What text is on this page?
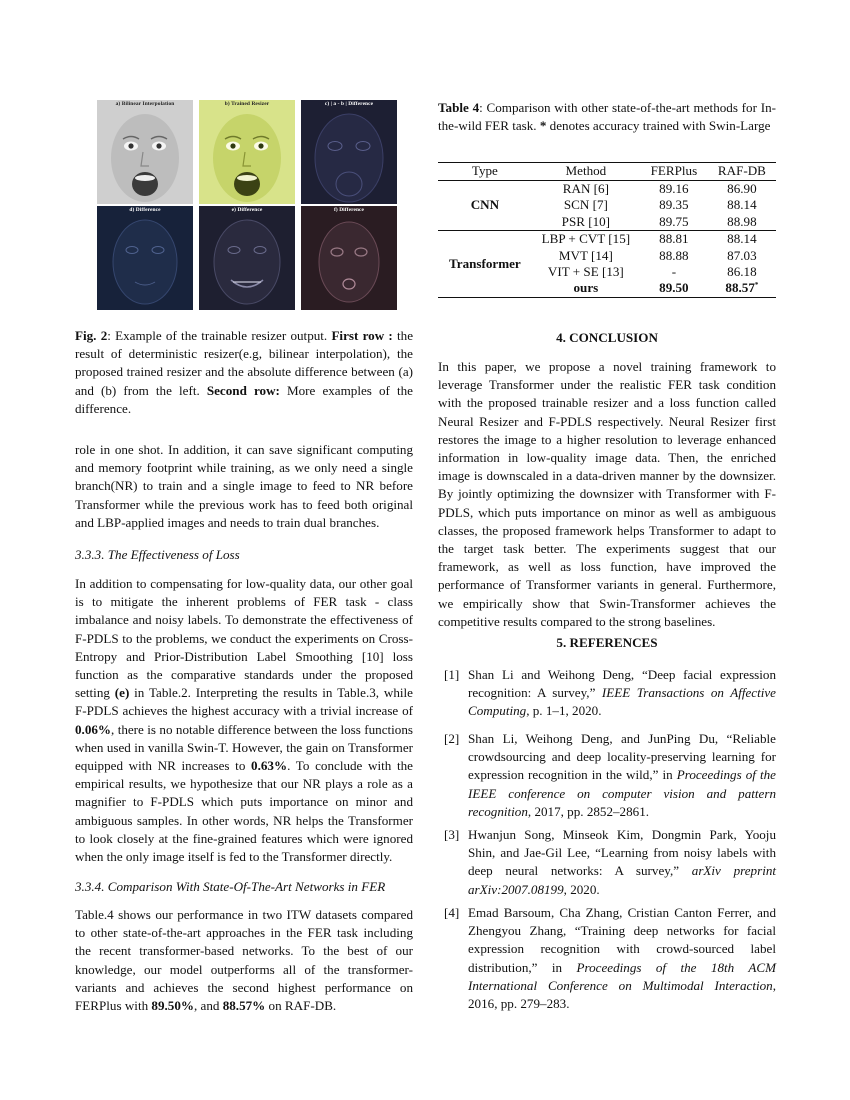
a) Bilinear Interpolation	b) Trained Resizer	c) | a - b | Difference
d) Difference	e) Difference	f) Difference
Fig. 2: Example of the trainable resizer output. First row : the result of deterministic resizer(e.g, bilinear interpolation), the proposed trained resizer and the absolute difference between (a) and (b) from the left. Second row: More examples of the difference.
Table 4: Comparison with other state-of-the-art methods for In-the-wild FER task. * denotes accuracy trained with Swin-Large
Type	Method	FERPlus	RAF-DB
CNN	RAN [6]	89.16	86.90
	SCN [7]	89.35	88.14
	PSR [10]	89.75	88.98
Transformer	LBP + CVT [15]	88.81	88.14
	MVT [14]	88.88	87.03
	VIT + SE [13]	-	86.18
	ours	89.50	88.57*
role in one shot. In addition, it can save significant computing and memory footprint while training, as we only need a single branch(NR) to train and a single image to feed to NR before Transformer while the previous work has to feed both original and LBP-applied images and needs to train dual branches.
3.3.3. The Effectiveness of Loss
In addition to compensating for low-quality data, our other goal is to mitigate the inherent problems of FER task - class imbalance and noisy labels. To demonstrate the effectiveness of F-PDLS to the problems, we conduct the experiments on Cross-Entropy and Prior-Distribution Label Smoothing [10] loss function as the comparative standards under the proposed setting (e) in Table.2. Interpreting the results in Table.3, while F-PDLS achieves the highest accuracy with a trivial increase of 0.06%, there is no notable difference between the loss functions when used in vanilla Swin-T. However, the gain on Transformer equipped with NR increases to 0.63%. To conclude with the empirical results, we hypothesize that our NR plays a role as a magnifier to F-PDLS which puts importance on minor and ambiguous samples. In other words, NR helps the Transformer to look closely at the fine-grained features which were ignored when the only image itself is fed to the Transformer directly.
3.3.4. Comparison With State-Of-The-Art Networks in FER
Table.4 shows our performance in two ITW datasets compared to other state-of-the-art approaches in the FER task including the recent transformer-based networks. To the best of our knowledge, our model outperforms all of the transformer-variants and achieves the second highest performance on FERPlus with 89.50%, and 88.57% on RAF-DB.
4. CONCLUSION
In this paper, we propose a novel training framework to leverage Transformer under the realistic FER task condition with the proposed trainable resizer and a loss function called Neural Resizer and F-PDLS respectively. Neural Resizer first restores the image to a higher resolution to leverage enhanced information in low-quality image data. Then, the enriched image is downscaled in a data-driven manner by the downsizer. By jointly optimizing the downsizer with Transformer with F-PDLS, which puts importance on minor as well as ambiguous classes, the proposed framework helps Transformer to adapt to the target task better. The experiments suggest that our framework, as well as loss function, have improved the performance of Transformer variants in general. Furthermore, we empirically show that Swin-Transformer achieves the competitive results compared to the strong baselines.
5. REFERENCES
[1] Shan Li and Weihong Deng, “Deep facial expression recognition: A survey,” IEEE Transactions on Affective Computing, p. 1–1, 2020.
[2] Shan Li, Weihong Deng, and JunPing Du, “Reliable crowdsourcing and deep locality-preserving learning for expression recognition in the wild,” in Proceedings of the IEEE conference on computer vision and pattern recognition, 2017, pp. 2852–2861.
[3] Hwanjun Song, Minseok Kim, Dongmin Park, Yooju Shin, and Jae-Gil Lee, “Learning from noisy labels with deep neural networks: A survey,” arXiv preprint arXiv:2007.08199, 2020.
[4] Emad Barsoum, Cha Zhang, Cristian Canton Ferrer, and Zhengyou Zhang, “Training deep networks for facial expression recognition with crowd-sourced label distribution,” in Proceedings of the 18th ACM International Conference on Multimodal Interaction, 2016, pp. 279–283.
